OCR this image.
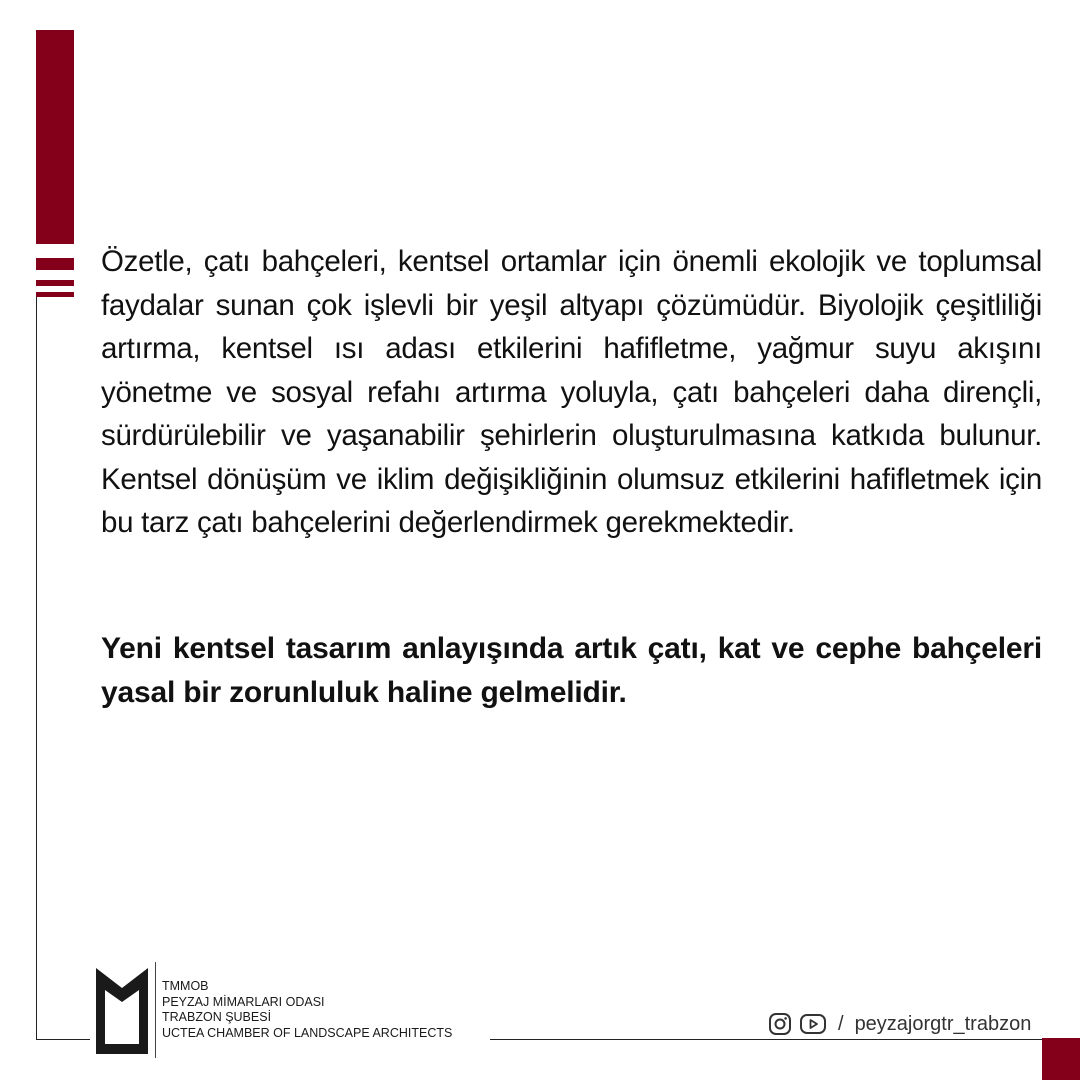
Özetle, çatı bahçeleri, kentsel ortamlar için önemli ekolojik ve toplumsal faydalar sunan çok işlevli bir yeşil altyapı çözümüdür. Biyolojik çeşitliliği artırma, kentsel ısı adası etkilerini hafifletme, yağmur suyu akışını yönetme ve sosyal refahı artırma yoluyla, çatı bahçeleri daha dirençli, sürdürülebilir ve yaşanabilir şehirlerin oluşturulmasına katkıda bulunur. Kentsel dönüşüm ve iklim değişikliğinin olumsuz etkilerini hafifletmek için bu tarz çatı bahçelerini değerlendirmek gerekmektedir.

Yeni kentsel tasarım anlayışında artık çatı, kat ve cephe bahçeleri yasal bir zorunluluk haline gelmelidir.

TMMOB
PEYZAJ MİMARLARI ODASI
TRABZON ŞUBESİ
UCTEA CHAMBER OF LANDSCAPE ARCHITECTS	/ peyzajorgtr_trabzon
